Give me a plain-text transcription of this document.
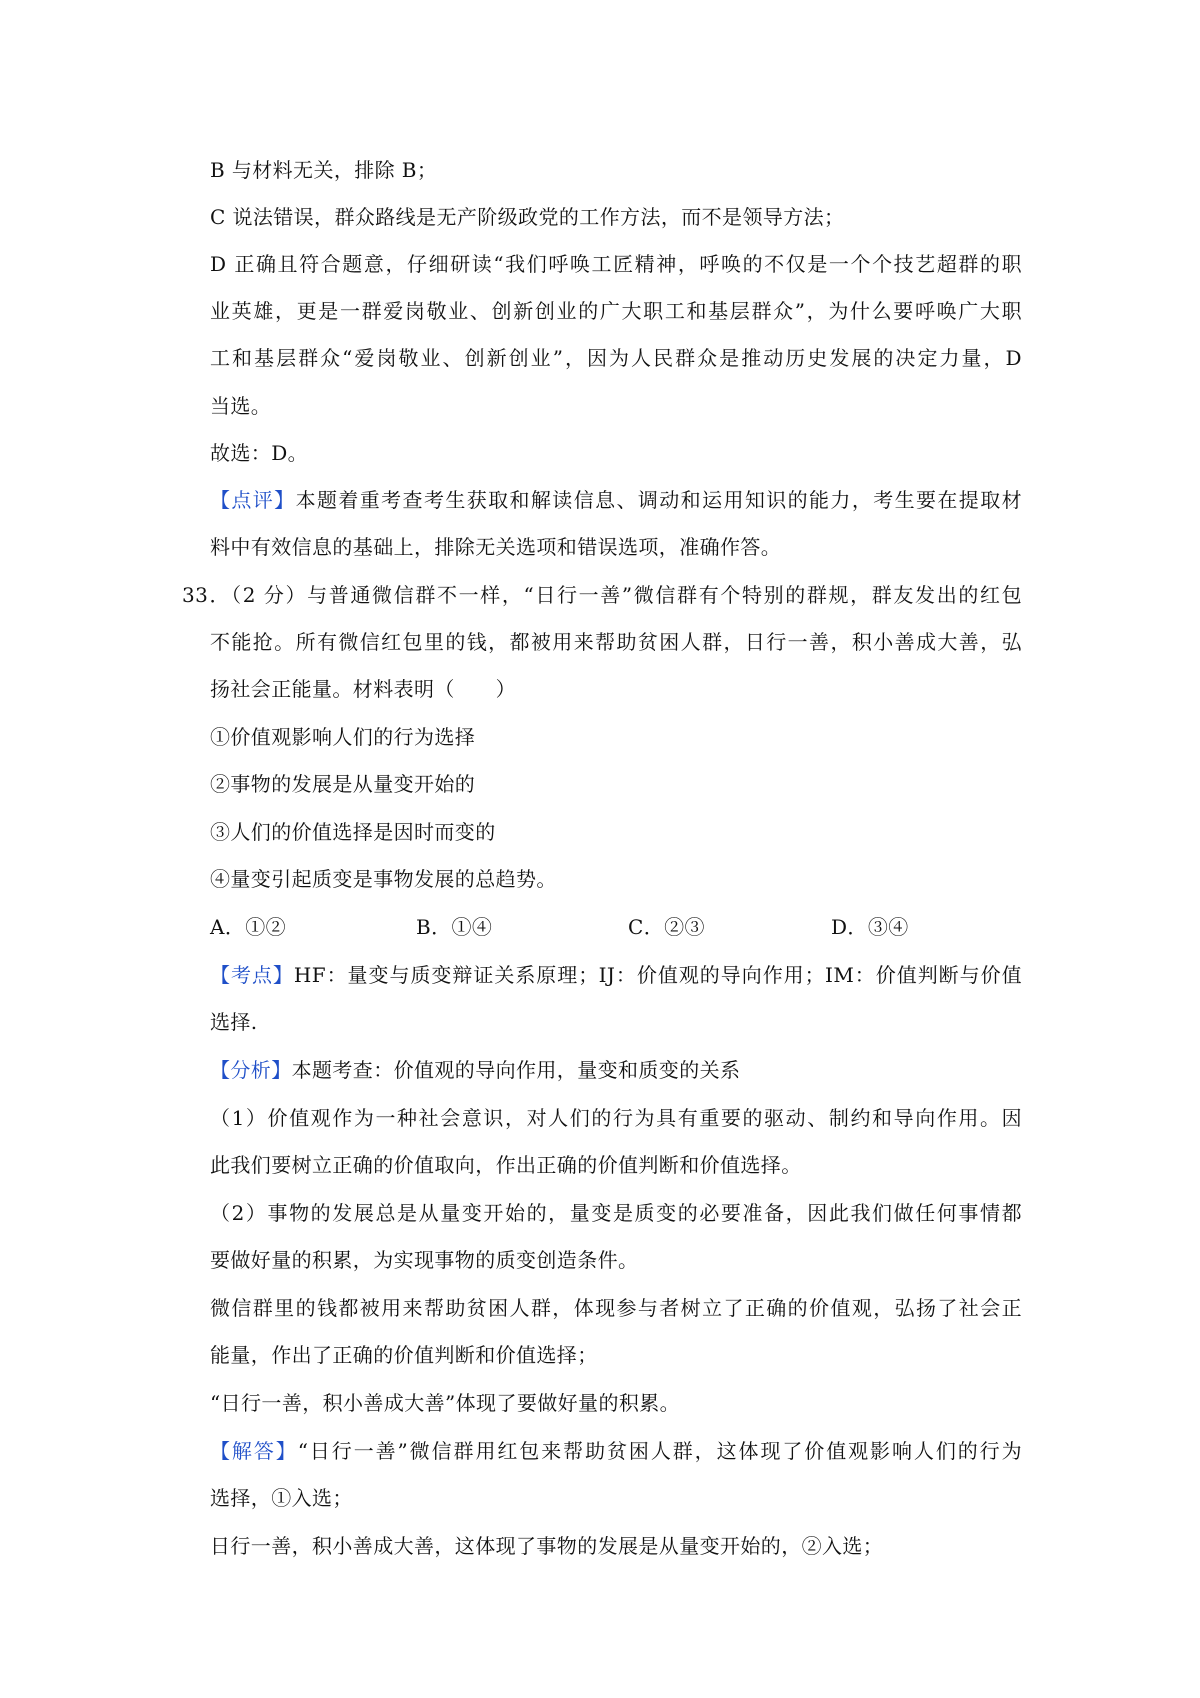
B 与材料无关，排除 B；
C 说法错误，群众路线是无产阶级政党的工作方法，而不是领导方法；
D 正确且符合题意，仔细研读“我们呼唤工匠精神，呼唤的不仅是一个个技艺超群的职
业英雄，更是一群爱岗敬业、创新创业的广大职工和基层群众”，为什么要呼唤广大职
工和基层群众“爱岗敬业、创新创业”，因为人民群众是推动历史发展的决定力量，D
当选。
故选：D。
【点评】本题着重考查考生获取和解读信息、调动和运用知识的能力，考生要在提取材
料中有效信息的基础上，排除无关选项和错误选项，准确作答。
33．（2 分）与普通微信群不一样，“日行一善”微信群有个特别的群规，群友发出的红包
不能抢。所有微信红包里的钱，都被用来帮助贫困人群，日行一善，积小善成大善，弘
扬社会正能量。材料表明（　　）
①价值观影响人们的行为选择
②事物的发展是从量变开始的
③人们的价值选择是因时而变的
④量变引起质变是事物发展的总趋势。
A．①②	B．①④	C．②③	D．③④
【考点】HF：量变与质变辩证关系原理；IJ：价值观的导向作用；IM：价值判断与价值
选择.
【分析】本题考查：价值观的导向作用，量变和质变的关系
（1）价值观作为一种社会意识，对人们的行为具有重要的驱动、制约和导向作用。因
此我们要树立正确的价值取向，作出正确的价值判断和价值选择。
（2）事物的发展总是从量变开始的，量变是质变的必要准备，因此我们做任何事情都
要做好量的积累，为实现事物的质变创造条件。
微信群里的钱都被用来帮助贫困人群，体现参与者树立了正确的价值观，弘扬了社会正
能量，作出了正确的价值判断和价值选择；
“日行一善，积小善成大善”体现了要做好量的积累。
【解答】“日行一善”微信群用红包来帮助贫困人群，这体现了价值观影响人们的行为
选择，①入选；
日行一善，积小善成大善，这体现了事物的发展是从量变开始的，②入选；
